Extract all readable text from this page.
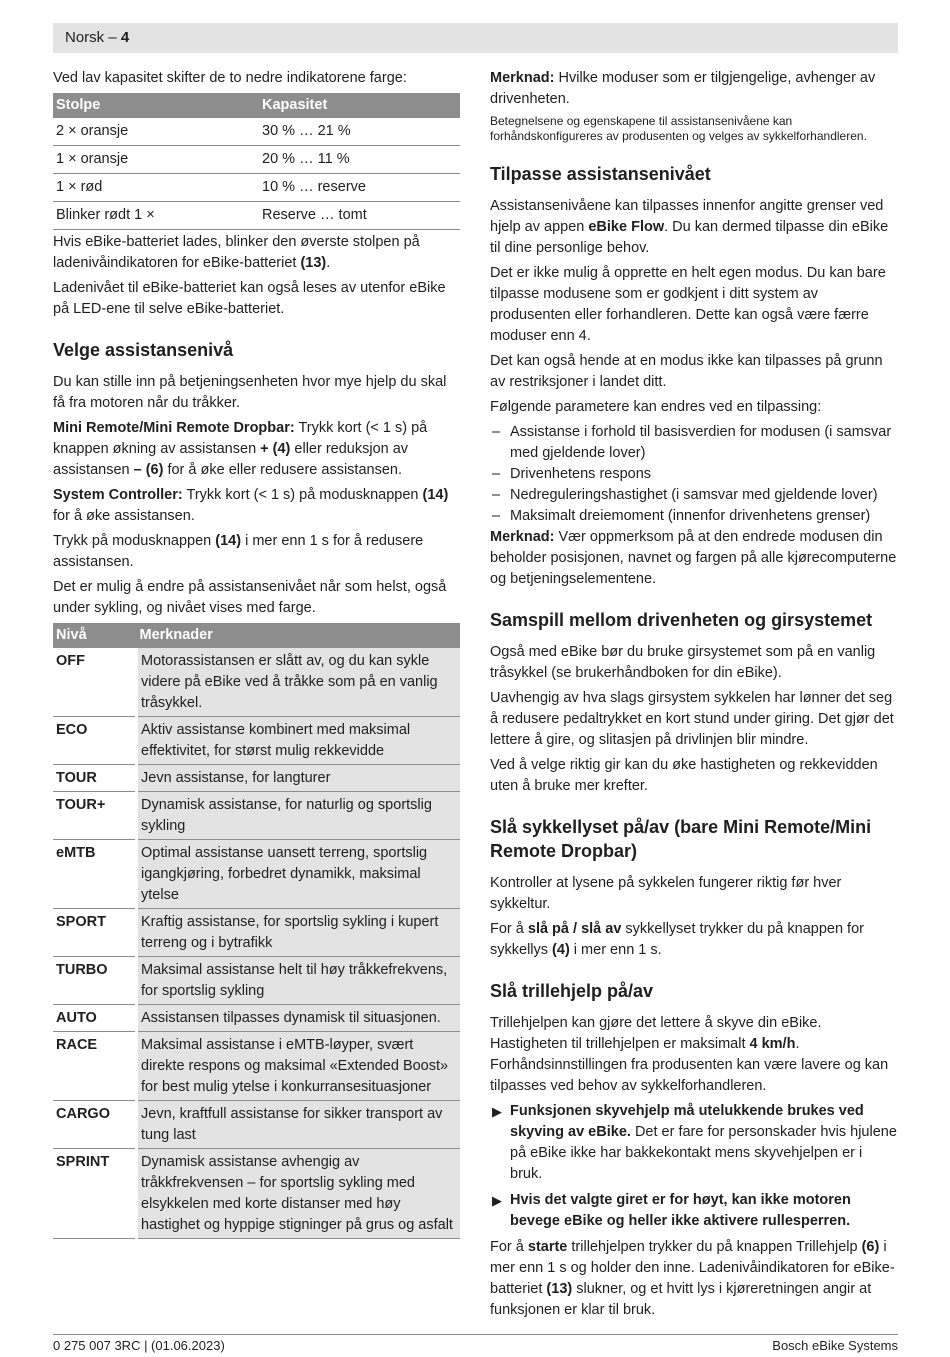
Norsk – 4

Ved lav kapasitet skifter de to nedre indikatorene farge:

Stolpe	Kapasitet
2 × oransje	30 % … 21 %
1 × oransje	20 % … 11 %
1 × rød	10 % … reserve
Blinker rødt 1 ×	Reserve … tomt

Hvis eBike-batteriet lades, blinker den øverste stolpen på ladenivåindikatoren for eBike-batteriet (13).

Ladenivået til eBike-batteriet kan også leses av utenfor eBike på LED-ene til selve eBike-batteriet.

Velge assistansenivå

Du kan stille inn på betjeningsenheten hvor mye hjelp du skal få fra motoren når du tråkker.

Mini Remote/Mini Remote Dropbar: Trykk kort (< 1 s) på knappen økning av assistansen + (4) eller reduksjon av assistansen – (6) for å øke eller redusere assistansen.

System Controller: Trykk kort (< 1 s) på modusknappen (14) for å øke assistansen.

Trykk på modusknappen (14) i mer enn 1 s for å redusere assistansen.

Det er mulig å endre på assistansenivået når som helst, også under sykling, og nivået vises med farge.

Nivå	Merknader
OFF	Motorassistansen er slått av, og du kan sykle videre på eBike ved å tråkke som på en vanlig tråsykkel.
ECO	Aktiv assistanse kombinert med maksimal effektivitet, for størst mulig rekkevidde
TOUR	Jevn assistanse, for langturer
TOUR+	Dynamisk assistanse, for naturlig og sportslig sykling
eMTB	Optimal assistanse uansett terreng, sportslig igangkjøring, forbedret dynamikk, maksimal ytelse
SPORT	Kraftig assistanse, for sportslig sykling i kupert terreng og i bytrafikk
TURBO	Maksimal assistanse helt til høy tråkkefrekvens, for sportslig sykling
AUTO	Assistansen tilpasses dynamisk til situasjonen.
RACE	Maksimal assistanse i eMTB-løyper, svært direkte respons og maksimal «Extended Boost» for best mulig ytelse i konkurransesituasjoner
CARGO	Jevn, kraftfull assistanse for sikker transport av tung last
SPRINT	Dynamisk assistanse avhengig av tråkkfrekvensen – for sportslig sykling med elsykkelen med korte distanser med høy hastighet og hyppige stigninger på grus og asfalt

Merknad: Hvilke moduser som er tilgjengelige, avhenger av drivenheten.

Betegnelsene og egenskapene til assistansenivåene kan forhåndskonfigureres av produsenten og velges av sykkelforhandleren.

Tilpasse assistansenivået

Assistansenivåene kan tilpasses innenfor angitte grenser ved hjelp av appen eBike Flow. Du kan dermed tilpasse din eBike til dine personlige behov.

Det er ikke mulig å opprette en helt egen modus. Du kan bare tilpasse modusene som er godkjent i ditt system av produsenten eller forhandleren. Dette kan også være færre moduser enn 4.

Det kan også hende at en modus ikke kan tilpasses på grunn av restriksjoner i landet ditt.

Følgende parametere kan endres ved en tilpassing:

– Assistanse i forhold til basisverdien for modusen (i samsvar med gjeldende lover)
– Drivenhetens respons
– Nedreguleringshastighet (i samsvar med gjeldende lover)
– Maksimalt dreiemoment (innenfor drivenhetens grenser)

Merknad: Vær oppmerksom på at den endrede modusen din beholder posisjonen, navnet og fargen på alle kjørecomputerne og betjeningselementene.

Samspill mellom drivenheten og girsystemet

Også med eBike bør du bruke girsystemet som på en vanlig tråsykkel (se brukerhåndboken for din eBike).

Uavhengig av hva slags girsystem sykkelen har lønner det seg å redusere pedaltrykket en kort stund under giring. Det gjør det lettere å gire, og slitasjen på drivlinjen blir mindre.

Ved å velge riktig gir kan du øke hastigheten og rekkevidden uten å bruke mer krefter.

Slå sykkellyset på/av (bare Mini Remote/Mini Remote Dropbar)

Kontroller at lysene på sykkelen fungerer riktig før hver sykkeltur.

For å slå på / slå av sykkellyset trykker du på knappen for sykkellys (4) i mer enn 1 s.

Slå trillehjelp på/av

Trillehjelpen kan gjøre det lettere å skyve din eBike. Hastigheten til trillehjelpen er maksimalt 4 km/h. Forhåndsinnstillingen fra produsenten kan være lavere og kan tilpasses ved behov av sykkelforhandleren.

▶ Funksjonen skyvehjelp må utelukkende brukes ved skyving av eBike. Det er fare for personskader hvis hjulene på eBike ikke har bakkekontakt mens skyvehjelpen er i bruk.
▶ Hvis det valgte giret er for høyt, kan ikke motoren bevege eBike og heller ikke aktivere rullesperren.

For å starte trillehjelpen trykker du på knappen Trillehjelp (6) i mer enn 1 s og holder den inne. Ladenivåindikatoren for eBike-batteriet (13) slukner, og et hvitt lys i kjøreretningen angir at funksjonen er klar til bruk.

0 275 007 3RC | (01.06.2023)	Bosch eBike Systems
